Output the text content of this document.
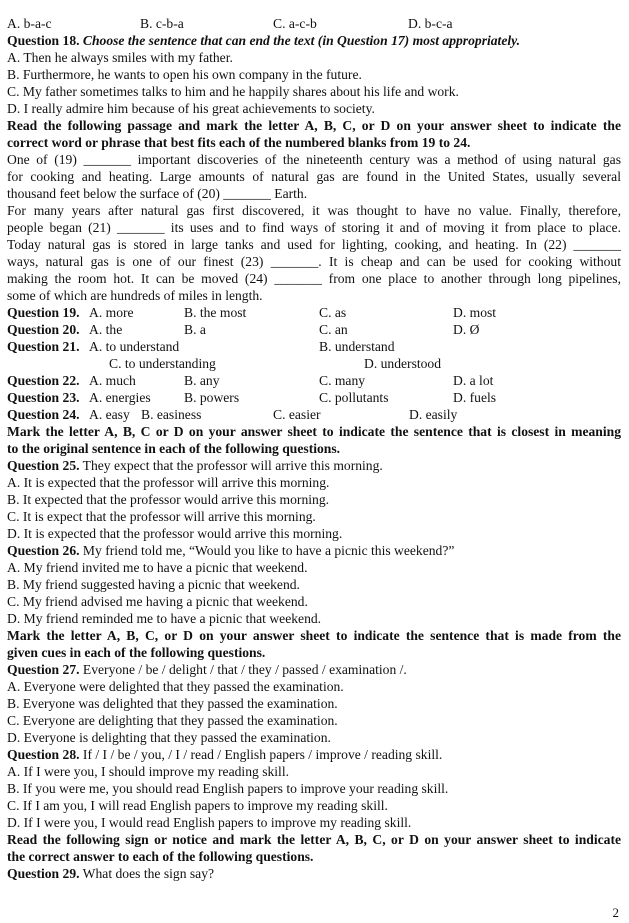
A. b-a-c	B. c-b-a	C. a-c-b	D. b-c-a
Question 18. Choose the sentence that can end the text (in Question 17) most appropriately.
A. Then he always smiles with my father.
B. Furthermore, he wants to open his own company in the future.
C. My father sometimes talks to him and he happily shares about his life and work.
D. I really admire him because of his great achievements to society.
Read the following passage and mark the letter A, B, C, or D on your answer sheet to indicate the
correct word or phrase that best fits each of the numbered blanks from 19 to 24.
One of (19) _______ important discoveries of the nineteenth century was a method of using natural gas
for cooking and heating. Large amounts of natural gas are found in the United States, usually several
thousand feet below the surface of (20) _______ Earth.
For many years after natural gas first discovered, it was thought to have no value. Finally, therefore,
people began (21) _______ its uses and to find ways of storing it and of moving it from place to place.
Today natural gas is stored in large tanks and used for lighting, cooking, and heating. In (22) _______
ways, natural gas is one of our finest (23) _______. It is cheap and can be used for cooking without
making the room hot. It can be moved (24) _______ from one place to another through long pipelines,
some of which are hundreds of miles in length.
Question 19. A. more	B. the most	C. as	D. most
Question 20. A. the	B. a	C. an	D. Ø
Question 21. A. to understand	B. understand
C. to understanding	D. understood
Question 22. A. much	B. any	C. many	D. a lot
Question 23. A. energies B. powers	C. pollutants	D. fuels
Question 24. A. easy B. easiness	C. easier	D. easily
Mark the letter A, B, C or D on your answer sheet to indicate the sentence that is closest in meaning
to the original sentence in each of the following questions.
Question 25. They expect that the professor will arrive this morning.
A. It is expected that the professor will arrive this morning.
B. It expected that the professor would arrive this morning.
C. It is expect that the professor will arrive this morning.
D. It is expected that the professor would arrive this morning.
Question 26. My friend told me, “Would you like to have a picnic this weekend?”
A. My friend invited me to have a picnic that weekend.
B. My friend suggested having a picnic that weekend.
C. My friend advised me having a picnic that weekend.
D. My friend reminded me to have a picnic that weekend.
Mark the letter A, B, C, or D on your answer sheet to indicate the sentence that is made from the
given cues in each of the following questions.
Question 27. Everyone / be / delight / that / they / passed / examination /.
A. Everyone were delighted that they passed the examination.
B. Everyone was delighted that they passed the examination.
C. Everyone are delighting that they passed the examination.
D. Everyone is delighting that they passed the examination.
Question 28. If / I / be / you, / I / read / English papers / improve / reading skill.
A. If I were you, I should improve my reading skill.
B. If you were me, you should read English papers to improve your reading skill.
C. If I am you, I will read English papers to improve my reading skill.
D. If I were you, I would read English papers to improve my reading skill.
Read the following sign or notice and mark the letter A, B, C, or D on your answer sheet to indicate
the correct answer to each of the following questions.
Question 29. What does the sign say?
2
